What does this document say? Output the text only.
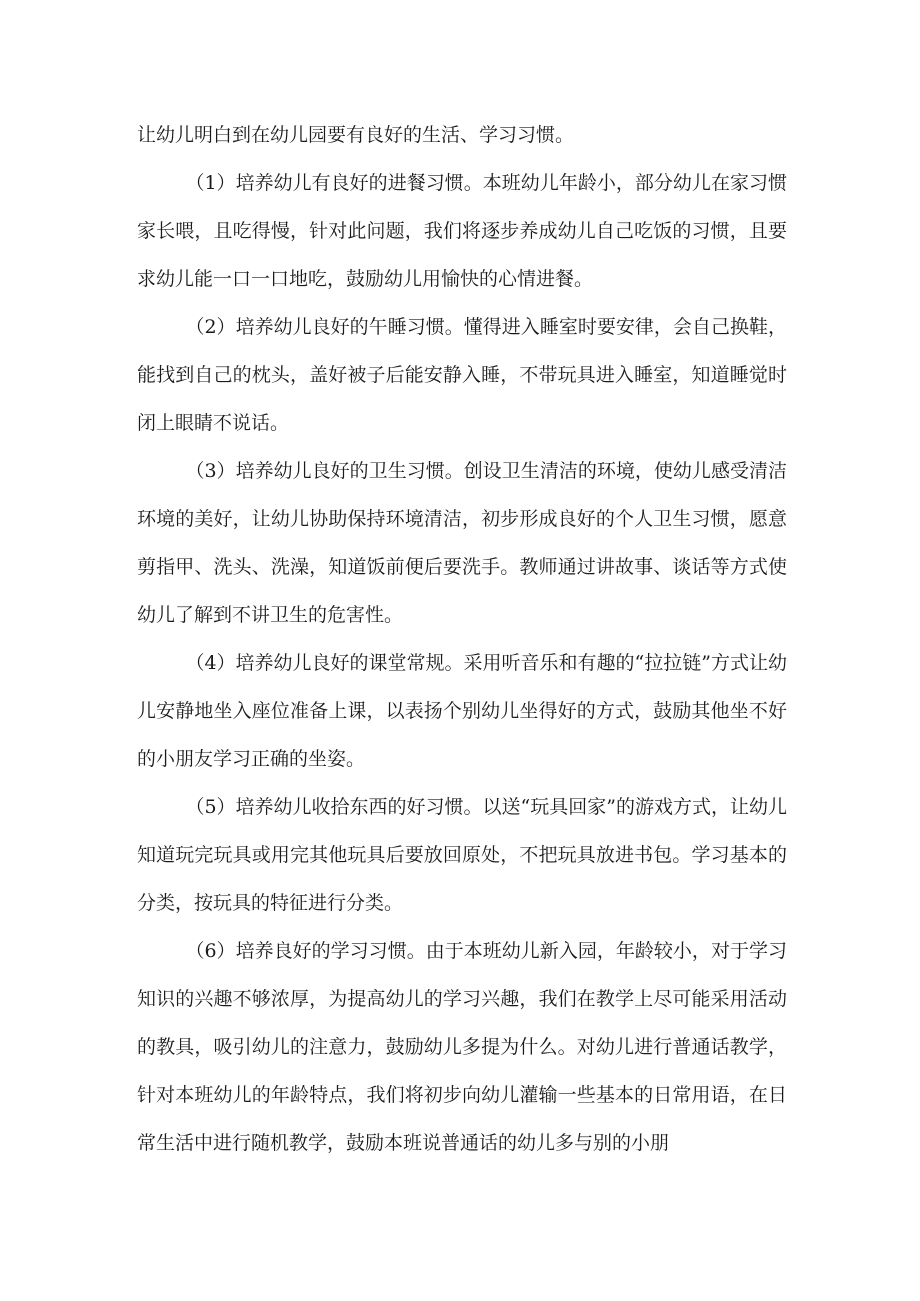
让幼儿明白到在幼儿园要有良好的生活、学习习惯。

（1）培养幼儿有良好的进餐习惯。本班幼儿年龄小，部分幼儿在家习惯家长喂，且吃得慢，针对此问题，我们将逐步养成幼儿自己吃饭的习惯，且要求幼儿能一口一口地吃，鼓励幼儿用愉快的心情进餐。

（2）培养幼儿良好的午睡习惯。懂得进入睡室时要安律，会自己换鞋，能找到自己的枕头，盖好被子后能安静入睡，不带玩具进入睡室，知道睡觉时闭上眼睛不说话。

（3）培养幼儿良好的卫生习惯。创设卫生清洁的环境，使幼儿感受清洁环境的美好，让幼儿协助保持环境清洁，初步形成良好的个人卫生习惯，愿意剪指甲、洗头、洗澡，知道饭前便后要洗手。教师通过讲故事、谈话等方式使幼儿了解到不讲卫生的危害性。

（4）培养幼儿良好的课堂常规。采用听音乐和有趣的“拉拉链”方式让幼儿安静地坐入座位准备上课，以表扬个别幼儿坐得好的方式，鼓励其他坐不好的小朋友学习正确的坐姿。

（5）培养幼儿收拾东西的好习惯。以送“玩具回家”的游戏方式，让幼儿知道玩完玩具或用完其他玩具后要放回原处，不把玩具放进书包。学习基本的分类，按玩具的特征进行分类。

（6）培养良好的学习习惯。由于本班幼儿新入园，年龄较小，对于学习知识的兴趣不够浓厚，为提高幼儿的学习兴趣，我们在教学上尽可能采用活动的教具，吸引幼儿的注意力，鼓励幼儿多提为什么。对幼儿进行普通话教学，针对本班幼儿的年龄特点，我们将初步向幼儿灌输一些基本的日常用语，在日常生活中进行随机教学，鼓励本班说普通话的幼儿多与别的小朋
